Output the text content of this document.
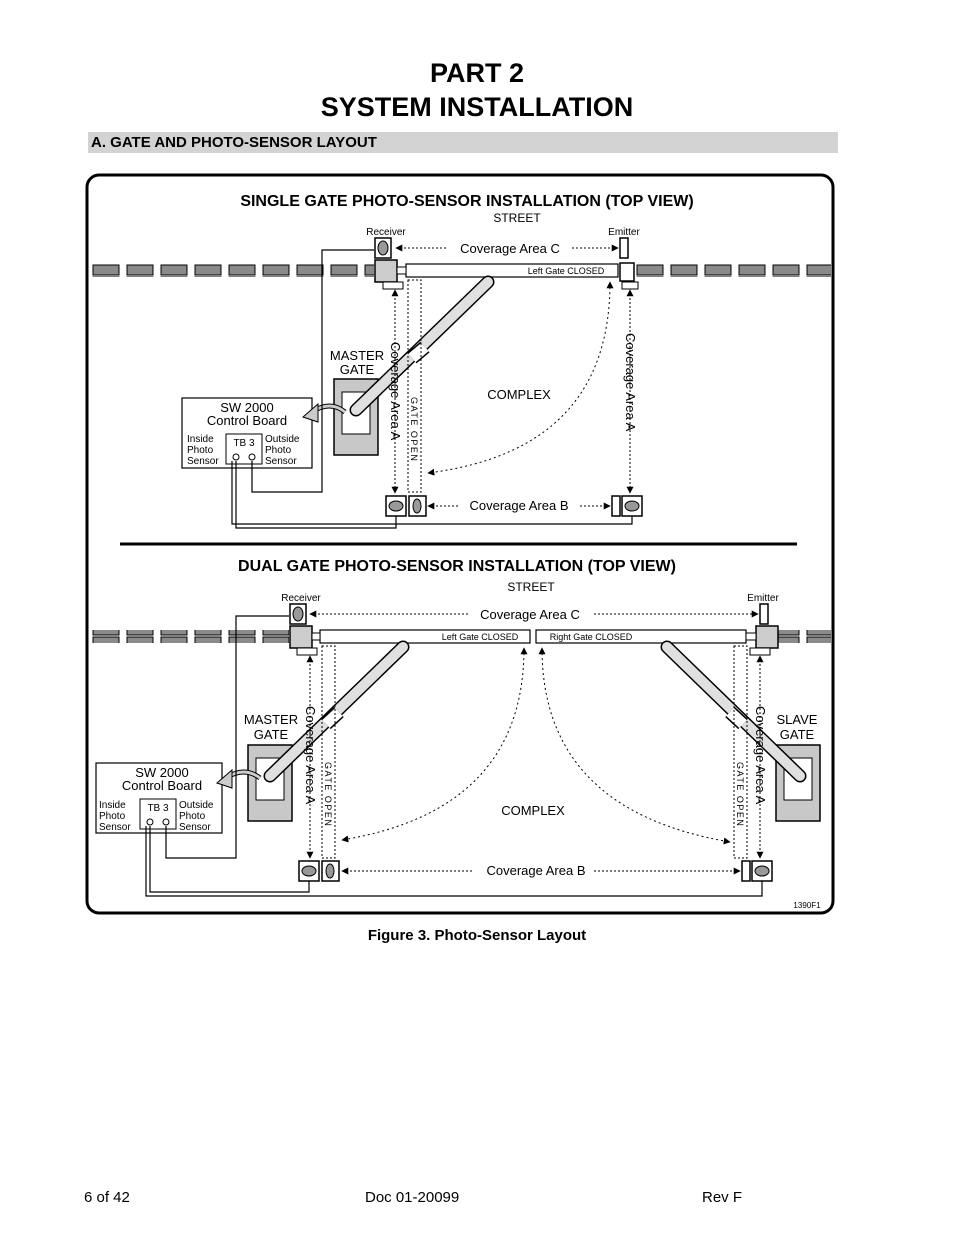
PART 2
SYSTEM INSTALLATION
A. GATE AND PHOTO-SENSOR LAYOUT
SINGLE GATE PHOTO-SENSOR INSTALLATION (TOP VIEW)
STREET
Left Gate CLOSED
Receiver	Emitter
Coverage Area C
MASTER
GATE Coverage Area A GATE OPEN	Coverage Area A
COMPLEX
Coverage Area B
SW 2000
Control Board
TB 3
Inside
Photo
Sensor
Outside
Photo
Sensor
DUAL GATE PHOTO-SENSOR INSTALLATION (TOP VIEW)
STREET
Left Gate CLOSED	Right Gate CLOSED
Receiver	Emitter
Coverage Area C
MASTER
GATE
SLAVE
GATE
Coverage Area A	Coverage Area A
GATE OPEN	GATE OPEN
COMPLEX
Coverage Area B
SW 2000
Control Board
TB 3
Inside
Photo
Sensor
Outside
Photo
Sensor
1390F1
Figure 3. Photo-Sensor Layout
6 of 42	Doc 01-20099	Rev F
